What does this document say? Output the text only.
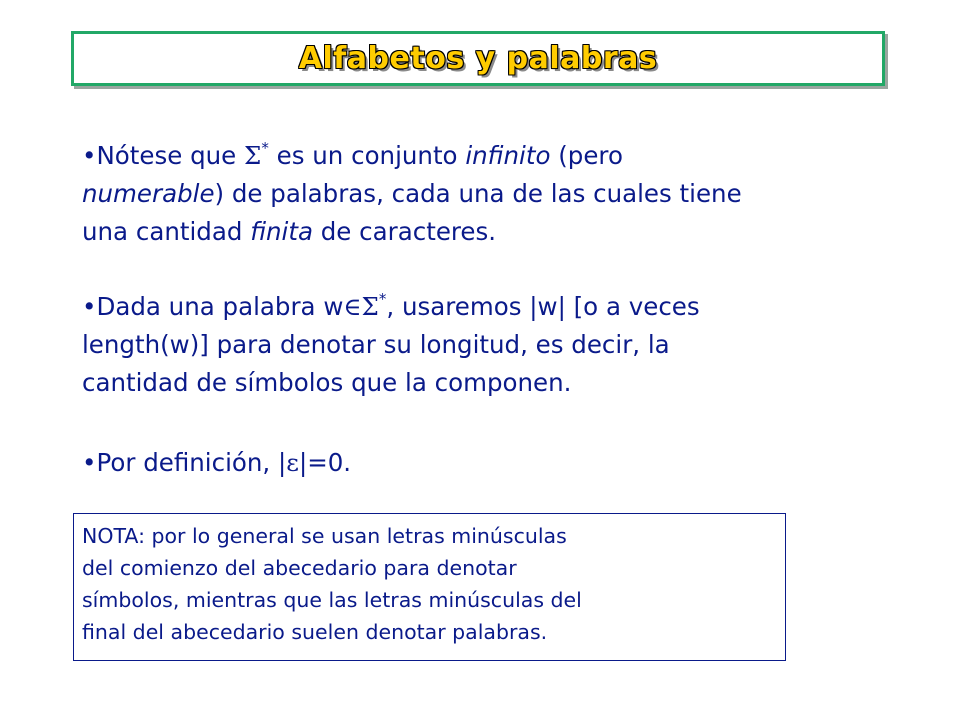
Alfabetos y palabras
•Nótese que Σ* es un conjunto infinito (pero
numerable) de palabras, cada una de las cuales tiene
una cantidad finita de caracteres.
•Dada una palabra w∈Σ*, usaremos |w| [o a veces
length(w)] para denotar su longitud, es decir, la
cantidad de símbolos que la componen.
•Por definición, |ε|=0.
NOTA: por lo general se usan letras minúsculas
del comienzo del abecedario para denotar
símbolos, mientras que las letras minúsculas del
final del abecedario suelen denotar palabras.
